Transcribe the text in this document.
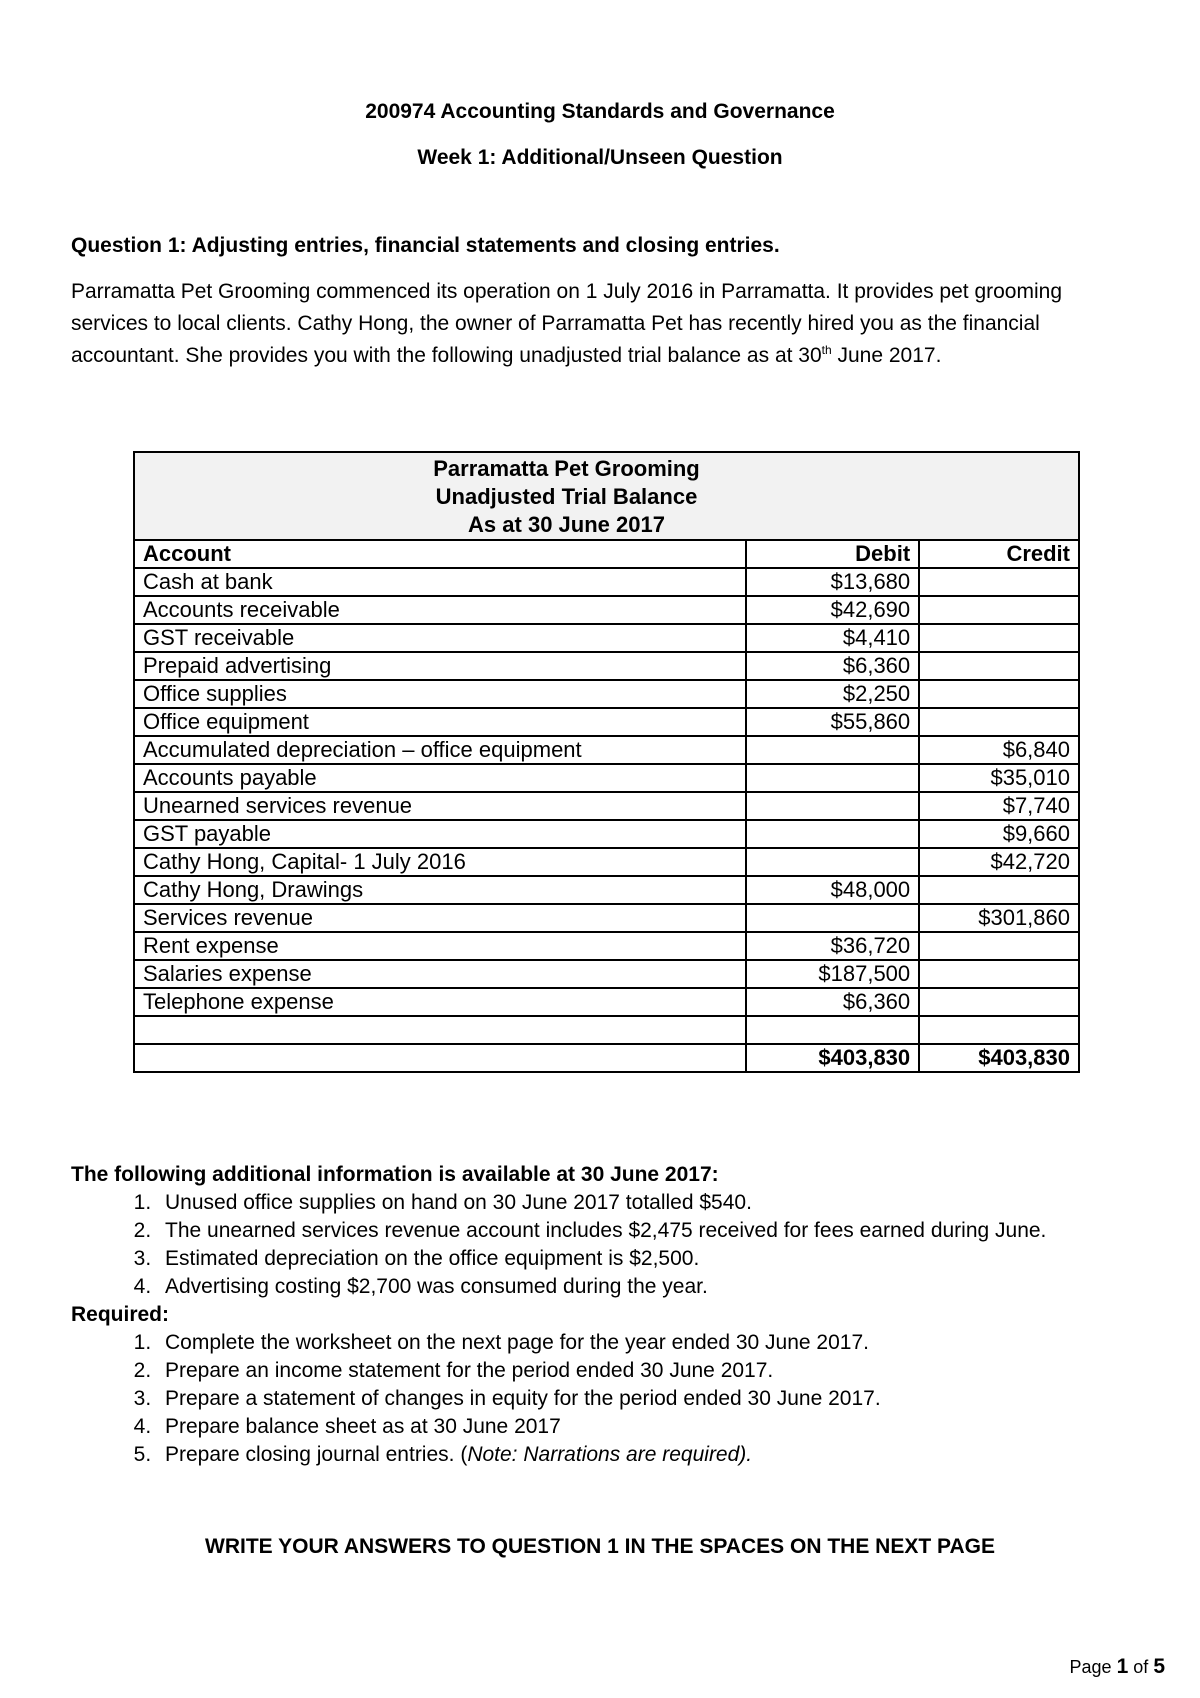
200974 Accounting Standards and Governance
Week 1: Additional/Unseen Question
Question 1: Adjusting entries, financial statements and closing entries.
Parramatta Pet Grooming commenced its operation on 1 July 2016 in Parramatta. It provides pet grooming services to local clients. Cathy Hong, the owner of Parramatta Pet has recently hired you as the financial accountant. She provides you with the following unadjusted trial balance as at 30th June 2017.
Parramatta Pet Grooming
Unadjusted Trial Balance
As at 30 June 2017		

Account	Debit	Credit
Cash at bank	$13,680	
Accounts receivable	$42,690	
GST receivable	$4,410	
Prepaid advertising	$6,360	
Office supplies	$2,250	
Office equipment	$55,860	
Accumulated depreciation – office equipment		$6,840
Accounts payable		$35,010
Unearned services revenue		$7,740
GST payable		$9,660
Cathy Hong, Capital- 1 July 2016		$42,720
Cathy Hong, Drawings	$48,000	
Services revenue		$301,860
Rent expense	$36,720	
Salaries expense	$187,500	
Telephone expense	$6,360	

	$403,830	$403,830
The following additional information is available at 30 June 2017:
1. Unused office supplies on hand on 30 June 2017 totalled $540.
2. The unearned services revenue account includes $2,475 received for fees earned during June.
3. Estimated depreciation on the office equipment is $2,500.
4. Advertising costing $2,700 was consumed during the year.
Required:
1. Complete the worksheet on the next page for the year ended 30 June 2017.
2. Prepare an income statement for the period ended 30 June 2017.
3. Prepare a statement of changes in equity for the period ended 30 June 2017.
4. Prepare balance sheet as at 30 June 2017
5. Prepare closing journal entries. (Note: Narrations are required).
WRITE YOUR ANSWERS TO QUESTION 1 IN THE SPACES ON THE NEXT PAGE
Page 1 of 5
